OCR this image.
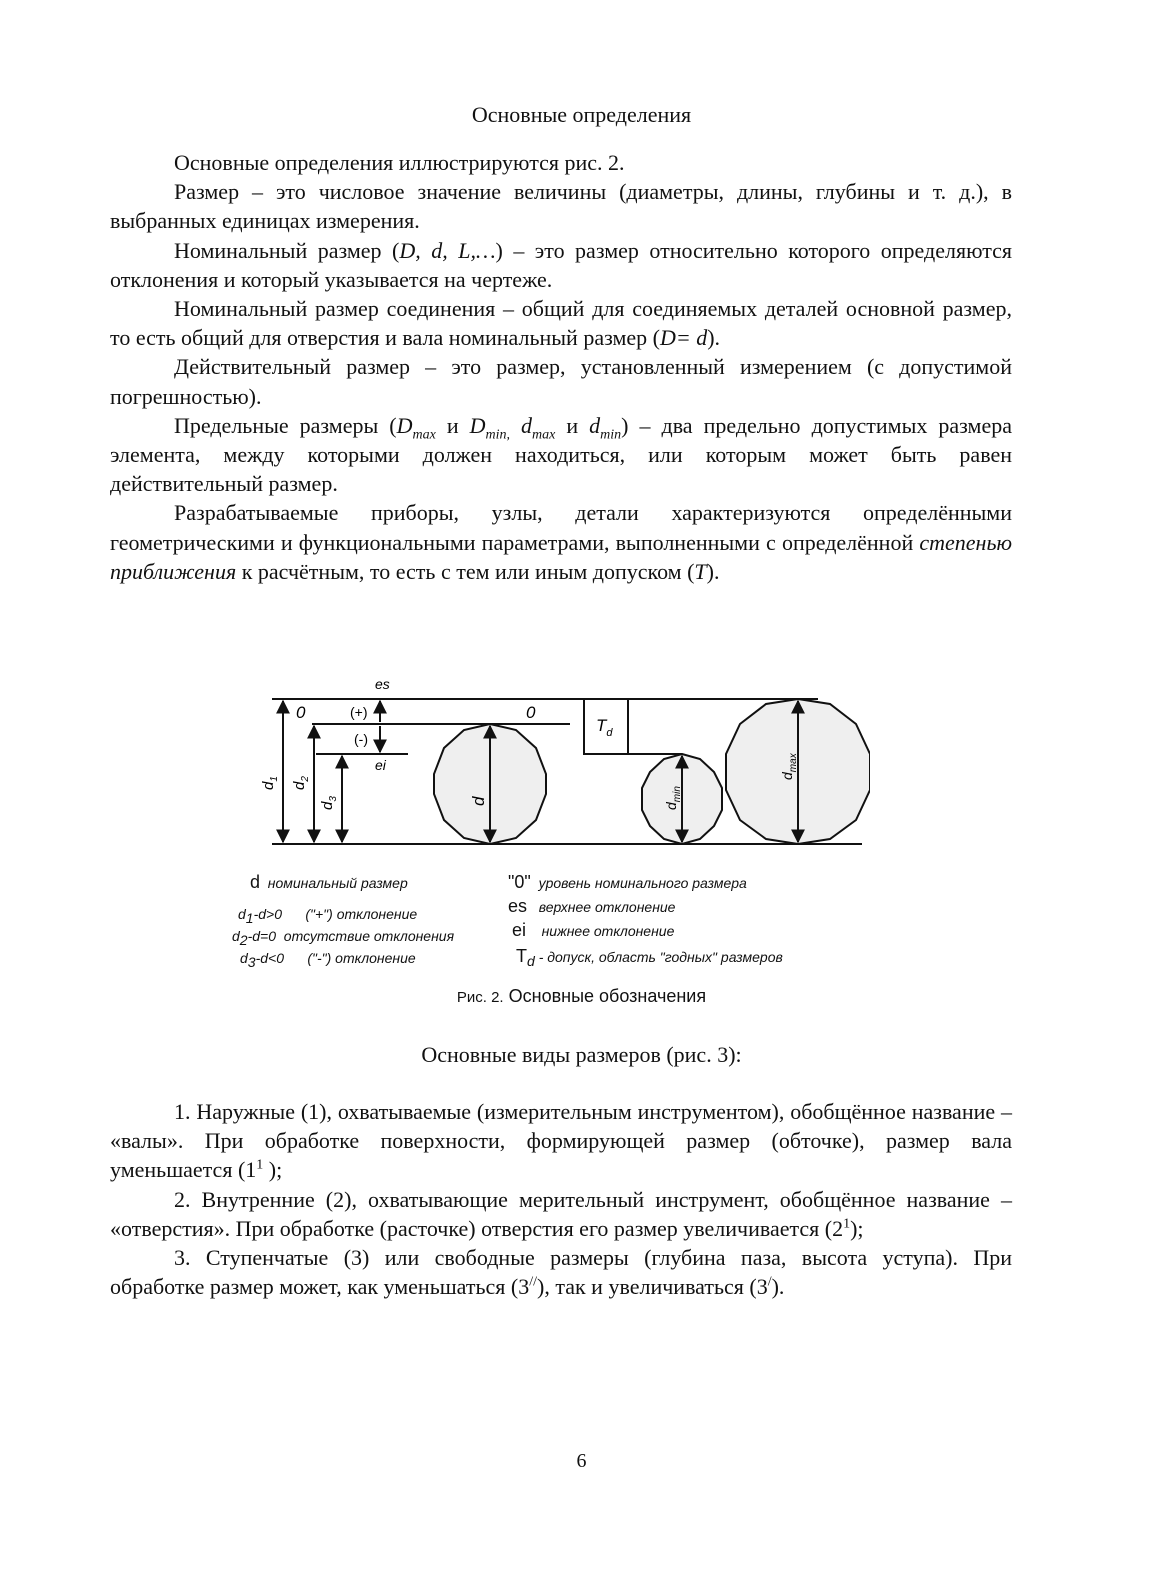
Основные определения

Основные определения иллюстрируются рис. 2.

Размер – это числовое значение величины (диаметры, длины, глубины и т. д.), в выбранных единицах измерения.

Номинальный размер (D, d, L,…) – это размер относительно которого определяются отклонения и который указывается на чертеже.

Номинальный размер соединения – общий для соединяемых деталей основной размер, то есть общий для отверстия и вала номинальный размер (D= d).

Действительный размер – это размер, установленный измерением (с допустимой погрешностью).

Предельные размеры ($D_{max}$ и $D_{min,}$ $d_{max}$ и $d_{min}$) – два предельно допустимых размера элемента, между которыми должен находиться, или которым может быть равен действительный размер.

Разрабатываемые приборы, узлы, детали характеризуются определёнными геометрическими и функциональными параметрами, выполненными с определённой степенью приближения к расчётным, то есть с тем или иным допуском (T).

es
ei
(+)
(-)
0	0
$T_d$
$d_1$
$d_2$
$d_3$	d
$d_{min}$
$d_{max}$
d номинальный размер
$d_1-d>0$ ("+") отклонение
$d_2-d=0$ отсутствие отклонения
$d_3-d<0$ ("-") отклонение
"0" уровень номинального размера
es верхнее отклонение
ei нижнее отклонение
$T_d$ - допуск, область "годных" размеров
Рис. 2. Основные обозначения
Основные виды размеров (рис. 3):

1. Наружные (1), охватываемые (измерительным инструментом), обобщённое название – «валы». При обработке поверхности, формирующей размер (обточке), размер вала уменьшается ($1^1$ );

2. Внутренние (2), охватывающие мерительный инструмент, обобщённое название – «отверстия». При обработке (расточке) отверстия его размер увеличивается $(2^1)$;

3. Ступенчатые (3) или свободные размеры (глубина паза, высота уступа). При обработке размер может, как уменьшаться (3//), так и увеличиваться (3/).

6
